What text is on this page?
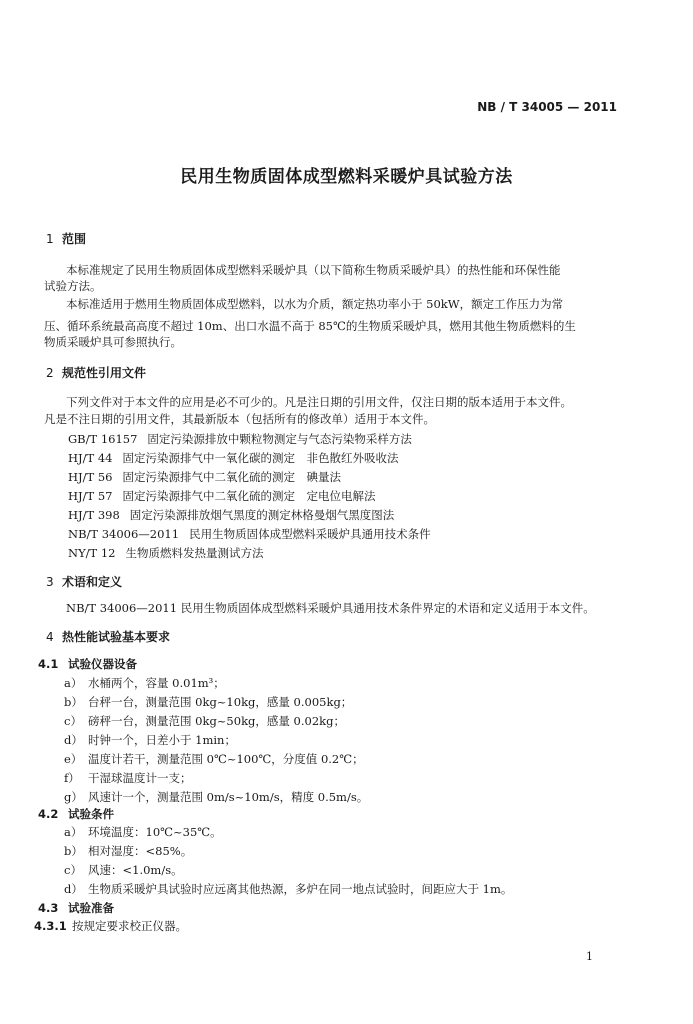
NB / T 34005 — 2011
民用生物质固体成型燃料采暖炉具试验方法
1 范围
本标准规定了民用生物质固体成型燃料采暖炉具（以下简称生物质采暖炉具）的热性能和环保性能
试验方法。
本标准适用于燃用生物质固体成型燃料，以水为介质，额定热功率小于 50kW，额定工作压力为常
压、循环系统最高高度不超过 10m、出口水温不高于 85℃的生物质采暖炉具，燃用其他生物质燃料的生
物质采暖炉具可参照执行。
2 规范性引用文件
下列文件对于本文件的应用是必不可少的。凡是注日期的引用文件，仅注日期的版本适用于本文件。
凡是不注日期的引用文件，其最新版本（包括所有的修改单）适用于本文件。
GB/T 16157 固定污染源排放中颗粒物测定与气态污染物采样方法
HJ/T 44 固定污染源排气中一氧化碳的测定　非色散红外吸收法
HJ/T 56 固定污染源排气中二氧化硫的测定　碘量法
HJ/T 57 固定污染源排气中二氧化硫的测定　定电位电解法
HJ/T 398 固定污染源排放烟气黑度的测定林格曼烟气黑度图法
NB/T 34006—2011 民用生物质固体成型燃料采暖炉具通用技术条件
NY/T 12 生物质燃料发热量测试方法
3 术语和定义
NB/T 34006—2011 民用生物质固体成型燃料采暖炉具通用技术条件界定的术语和定义适用于本文件。
4 热性能试验基本要求
4.1 试验仪器设备
a） 水桶两个，容量 0.01m³；
b） 台秤一台，测量范围 0kg~10kg，感量 0.005kg；
c） 磅秤一台，测量范围 0kg~50kg，感量 0.02kg；
d） 时钟一个，日差小于 1min；
e） 温度计若干，测量范围 0℃~100℃，分度值 0.2℃；
f） 干湿球温度计一支；
g） 风速计一个，测量范围 0m/s~10m/s，精度 0.5m/s。
4.2 试验条件
a） 环境温度：10℃~35℃。
b） 相对湿度：<85%。
c） 风速：<1.0m/s。
d） 生物质采暖炉具试验时应远离其他热源，多炉在同一地点试验时，间距应大于 1m。
4.3 试验准备
4.3.1 按规定要求校正仪器。
1
